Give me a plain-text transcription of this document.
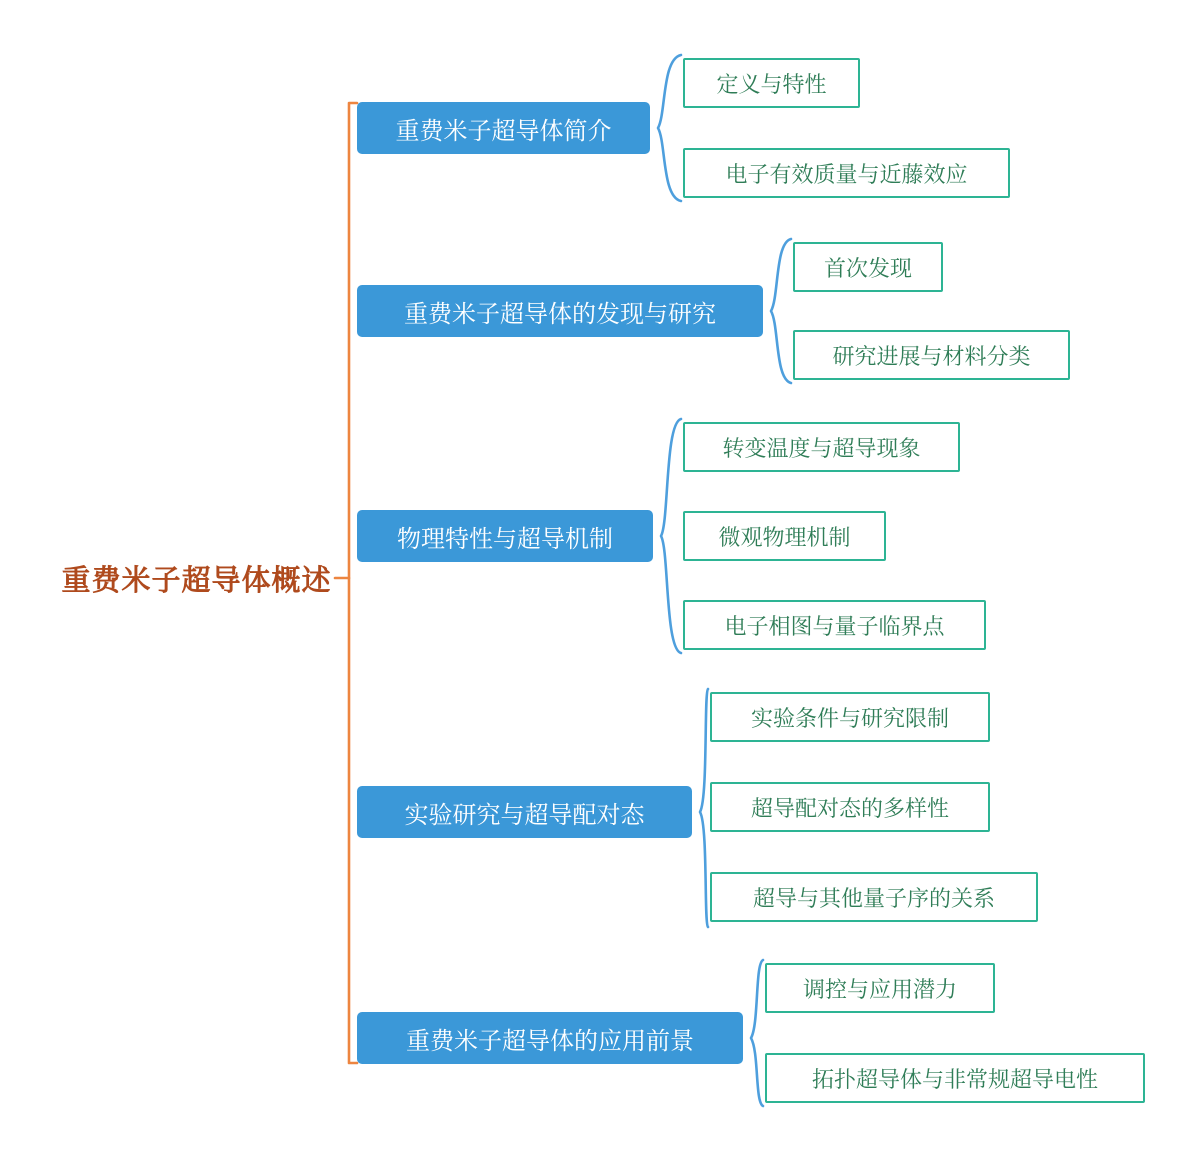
重费米子超导体概述
重费米子超导体简介
重费米子超导体的发现与研究
物理特性与超导机制
实验研究与超导配对态
重费米子超导体的应用前景
定义与特性
电子有效质量与近藤效应
首次发现
研究进展与材料分类
转变温度与超导现象
微观物理机制
电子相图与量子临界点
实验条件与研究限制
超导配对态的多样性
超导与其他量子序的关系
调控与应用潜力
拓扑超导体与非常规超导电性
